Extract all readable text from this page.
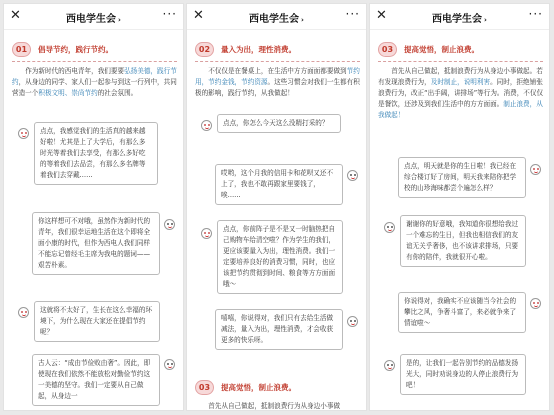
✕	西电学生会 ›	···
01	倡导节约，践行节约。

作为新时代的西电青年，我们要要弘扬美德，践行节约，从身边的同学、家人们一起参与到这一行列中，共同营造一个积极文明、崇尚节约的社会氛围。

点点，我感觉我们的生活真的越来越好啦！尤其是上了大学后，有那么多时光等着我们去享受，有那么多好吃的等着我们去品尝，有那么多名牌等着我们去穿戴……
你这样想可不对哦，虽然作为新时代的青年，我们很幸运地生活在这个即将全面小康的时代，但作为西电人我们同样不能忘记曾经毛主席为我电的题词——艰苦朴素。
这就将不太好了，生长在这么幸福的环境下，为什么现在大家还在提倡节约呢？
古人云：“成由节俭败由奢”。因此，即使现在我们依然不能放松对勤俭节约这一美德的坚守。我们一定要从自己做起，从身边一
✕	西电学生会 ›	···
02	量入为出，理性消费。

不仅仅是在餐桌上，在生活中方方面面都要做到节约用，节约金钱，节约资源。这些习惯会对我们一生都有积极的影响，践行节约，从我做起！

点点，你怎么今天这么没精打采的？
哎哟，这个月我的信用卡和花呗又还不上了，我也不敢再跟家里要钱了，唉……
点点，你前阵子是不是又一时脑热把自己购物车给清空啦？作为学生的我们，更应该要量入为出，理性消费。我们一定要培养良好的消费习惯，同时，也应该把节约贯彻到时间、粮食等方方面面哦～
嘻嘻，你说得对，我们只有去给生活做减法，量入为出，理性消费，才会收获更多的快乐呀。
03	提高觉悟，制止浪费。

首先从自己做起，抵制浪费行为从身边小事做

✕	西电学生会 ›	···
03	提高觉悟，制止浪费。

首先从自己做起，抵制浪费行为从身边小事做起。若有发现浪费行为，及时制止，说明利害。同时，拒绝铺张浪费行为，改正“出手阔，讲排场”等行为。消费，不仅仅是餐饮，还涉及到我们生活中的方方面面。制止浪费，从我做起！

点点，明天就是你的生日啦！我已经在综合楼订好了房间，明天我来陪你把学校的山珍海味都尝个遍怎么样？
谢谢你的好意哦，我知道你很想给我过一个难忘的生日，但我也相信我们的友谊无关乎奢侈，也不该讲求排场，只要有你的陪伴，我就很开心啦。
你说得对，我确实不应该随当今社会的攀比之风，争奢斗富了，来必就争来了情谊啦～
是的，让我们一起告别节约的品德发扬光大，同时劝说身边的人停止浪费行为吧！
